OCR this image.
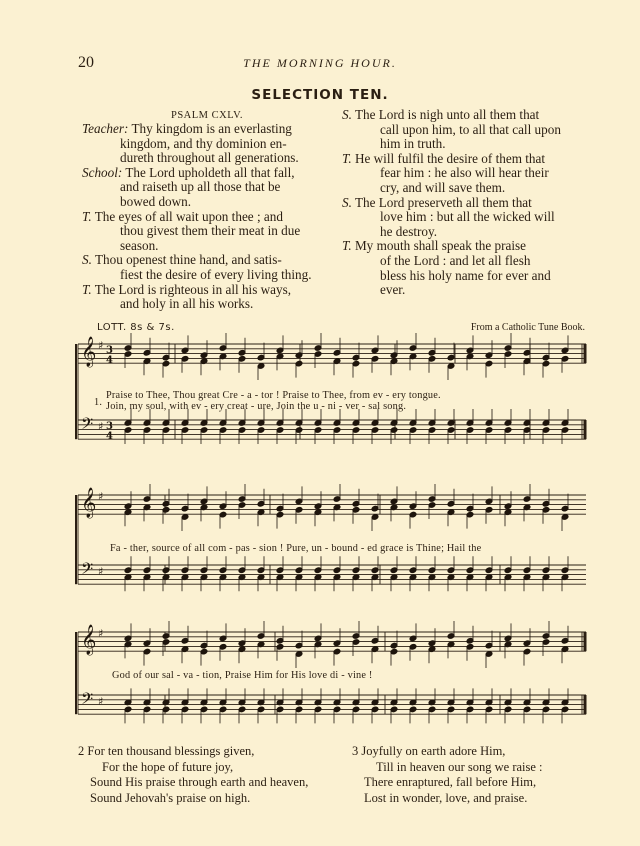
20	THE MORNING HOUR.
SELECTION TEN.
PSALM CXLV.

Teacher: Thy kingdom is an everlasting
kingdom, and thy dominion en-
dureth throughout all generations.

School: The Lord upholdeth all that fall,
and raiseth up all those that be
bowed down.

T. The eyes of all wait upon thee ; and
thou givest them their meat in due
season.

S. Thou openest thine hand, and satis-
fiest the desire of every living thing.

T. The Lord is righteous in all his ways,
and holy in all his works.

S. The Lord is nigh unto all them that
call upon him, to all that call upon
him in truth.

T. He will fulfil the desire of them that
fear him : he also will hear their
cry, and will save them.

S. The Lord preserveth all them that
love him : but all the wicked will
he destroy.

T. My mouth shall speak the praise
of the Lord : and let all flesh
bless his holy name for ever and
ever.

LOTT. 8s & 7s.	From a Catholic Tune Book.
𝄞
𝄢
♯
♯
3
4
3
4
𝄞
𝄢
♯
♯
𝄞
𝄢
♯
♯
1.
Praise to Thee, Thou great Cre - a - tor ! Praise to Thee, from ev - ery tongue.
Join, my soul, with ev - ery creat - ure, Join the u - ni - ver - sal song.
Fa - ther, source of all com - pas - sion ! Pure, un - bound - ed grace is Thine; Hail the
God of our sal - va - tion, Praise Him for His love di - vine !
2 For ten thousand blessings given,
For the hope of future joy,
Sound His praise through earth and heaven,
Sound Jehovah's praise on high.
3 Joyfully on earth adore Him,
Till in heaven our song we raise :
There enraptured, fall before Him,
Lost in wonder, love, and praise.
